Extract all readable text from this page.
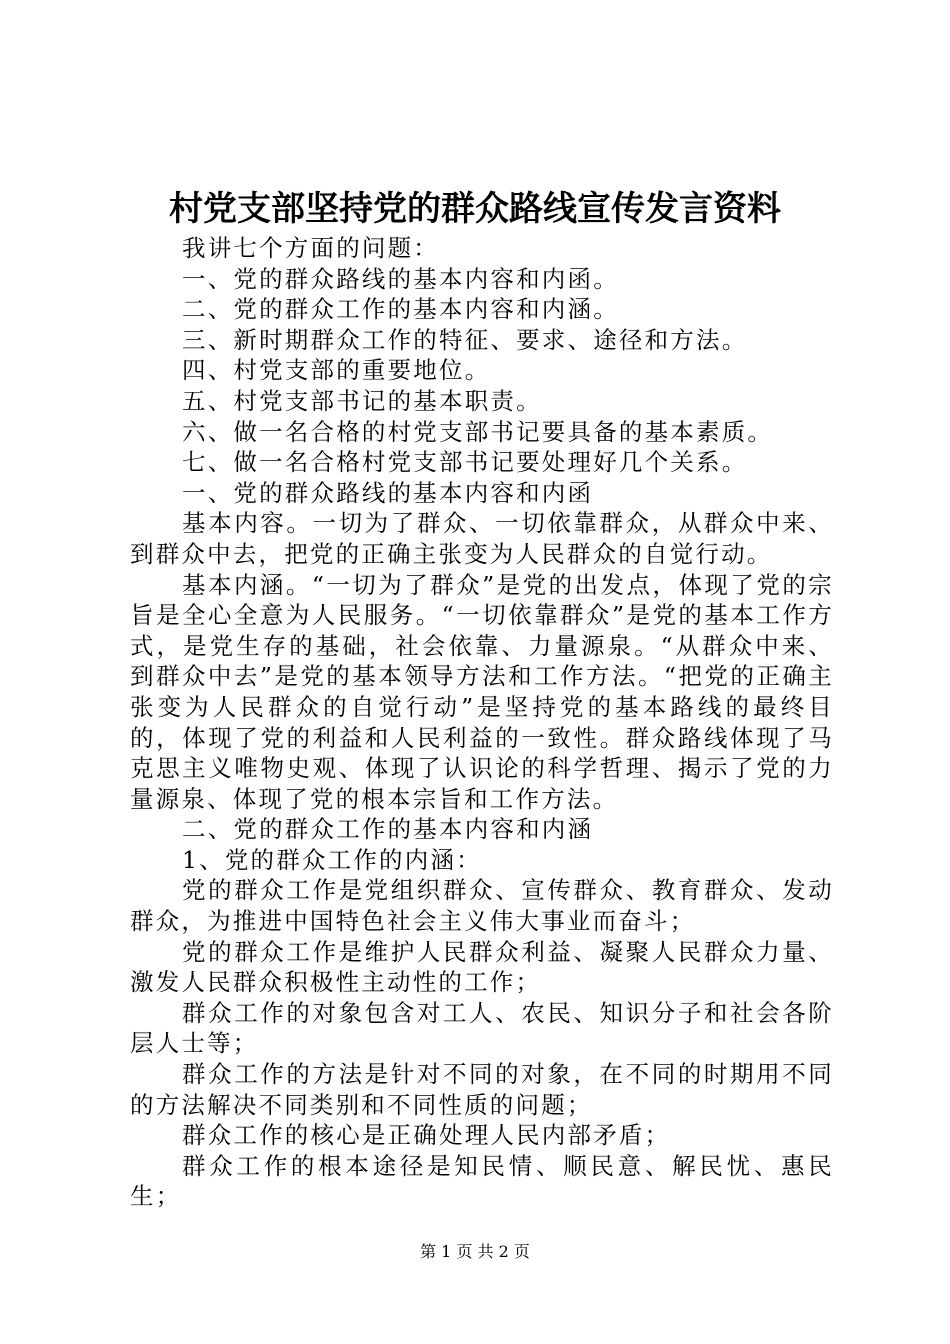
村党支部坚持党的群众路线宣传发言资料

我讲七个方面的问题：

一、党的群众路线的基本内容和内函。

二、党的群众工作的基本内容和内涵。

三、新时期群众工作的特征、要求、途径和方法。

四、村党支部的重要地位。

五、村党支部书记的基本职责。

六、做一名合格的村党支部书记要具备的基本素质。

七、做一名合格村党支部书记要处理好几个关系。

一、党的群众路线的基本内容和内函

基本内容。一切为了群众、一切依靠群众，从群众中来、到群众中去，把党的正确主张变为人民群众的自觉行动。

基本内涵。“一切为了群众”是党的出发点，体现了党的宗旨是全心全意为人民服务。“一切依靠群众”是党的基本工作方式，是党生存的基础，社会依靠、力量源泉。“从群众中来、到群众中去”是党的基本领导方法和工作方法。“把党的正确主张变为人民群众的自觉行动”是坚持党的基本路线的最终目的，体现了党的利益和人民利益的一致性。群众路线体现了马克思主义唯物史观、体现了认识论的科学哲理、揭示了党的力量源泉、体现了党的根本宗旨和工作方法。

二、党的群众工作的基本内容和内涵

1、党的群众工作的内涵：

党的群众工作是党组织群众、宣传群众、教育群众、发动群众，为推进中国特色社会主义伟大事业而奋斗；

党的群众工作是维护人民群众利益、凝聚人民群众力量、激发人民群众积极性主动性的工作；

群众工作的对象包含对工人、农民、知识分子和社会各阶层人士等；

群众工作的方法是针对不同的对象，在不同的时期用不同的方法解决不同类别和不同性质的问题；

群众工作的核心是正确处理人民内部矛盾；

群众工作的根本途径是知民情、顺民意、解民忧、惠民生；

第 1 页 共 2 页
